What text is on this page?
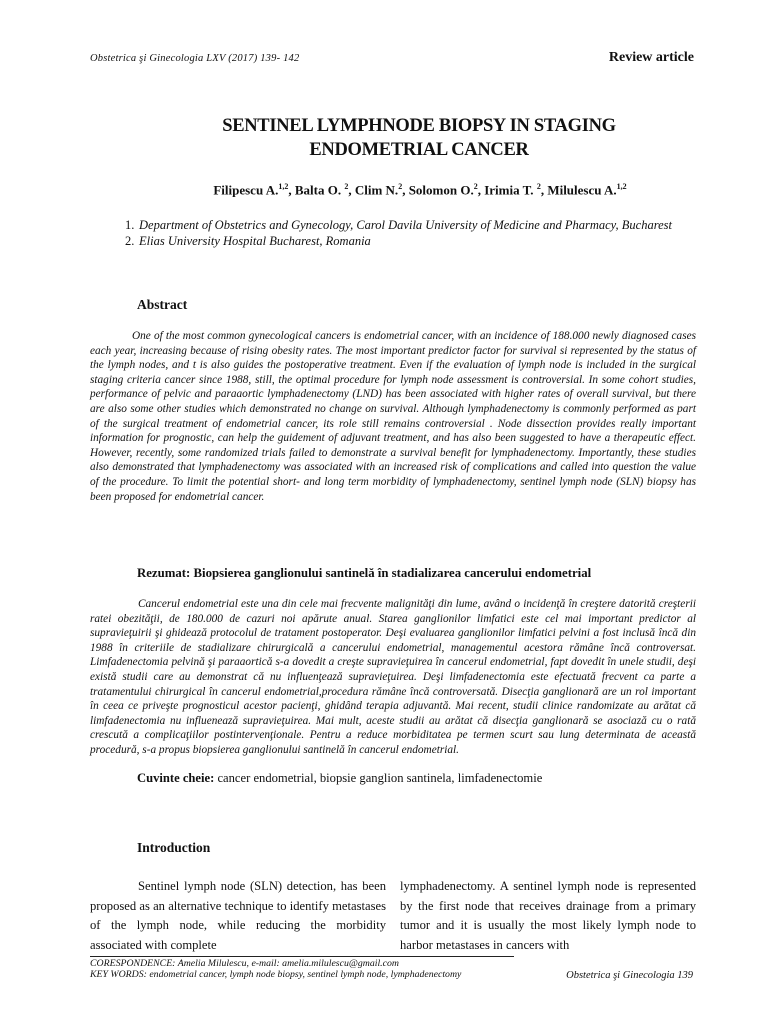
Obstetrica şi Ginecologia LXV (2017) 139- 142	Review article
SENTINEL LYMPHNODE BIOPSY IN STAGING
ENDOMETRIAL CANCER
Filipescu A.$^{1,2}$, Balta O. $^2$, Clim N.$^2$, Solomon O.$^2$, Irimia T. $^2$, Milulescu A.$^{1,2}$
1. Department of Obstetrics and Gynecology, Carol Davila University of Medicine and Pharmacy, Bucharest
2. Elias University Hospital Bucharest, Romania
Abstract

One of the most common gynecological cancers is endometrial cancer, with an incidence of 188.000 newly diagnosed cases each year, increasing because of rising obesity rates. The most important predictor factor for survival si represented by the status of the lymph nodes, and t is also guides the postoperative treatment. Even if the evaluation of lymph node is included in the surgical staging criteria cancer since 1988, still, the optimal procedure for lymph node assessment is controversial. In some cohort studies, performance of pelvic and paraaortic lymphadenectomy (LND) has been associated with higher rates of overall survival, but there are also some other studies which demonstrated no change on survival. Although lymphadenectomy is commonly performed as part of the surgical treatment of endometrial cancer, its role still remains controversial . Node dissection provides really important information for prognostic, can help the guidement of adjuvant treatment, and has also been suggested to have a therapeutic effect. However, recently, some randomized trials failed to demonstrate a survival benefit for lymphadenectomy. Importantly, these studies also demonstrated that lymphadenectomy was associated with an increased risk of complications and called into question the value of the procedure. To limit the potential short- and long term morbidity of lymphadenectomy, sentinel lymph node (SLN) biopsy has been proposed for endometrial cancer.

Rezumat: Biopsierea ganglionului santinelă în stadializarea cancerului endometrial

Cancerul endometrial este una din cele mai frecvente malignităţi din lume, având o incidenţă în creştere datorită creşterii ratei obezităţii, de 180.000 de cazuri noi apărute anual. Starea ganglionilor limfatici este cel mai important predictor al supravieţuirii şi ghidează protocolul de tratament postoperator. Deşi evaluarea ganglionilor limfatici pelvini a fost inclusă încă din 1988 în criteriile de stadializare chirurgicală a cancerului endometrial, managementul acestora rămâne încă controversat. Limfadenectomia pelvină şi paraaortică s-a dovedit a creşte supravieţuirea în cancerul endometrial, fapt dovedit în unele studii, deşi există studii care au demonstrat că nu influenţează supravieţuirea. Deşi limfadenectomia este efectuată frecvent ca parte a tratamentului chirurgical în cancerul endometrial,procedura rămâne încă controversată. Disecţia ganglionară are un rol important în ceea ce priveşte prognosticul acestor pacienţi, ghidând terapia adjuvantă. Mai recent, studii clinice randomizate au arătat că limfadenectomia nu influenează supravieţuirea. Mai mult, aceste studii au arătat că disecţia ganglionară se asociază cu o rată crescută a complicaţiilor postintervenţionale. Pentru a reduce morbiditatea pe termen scurt sau lung determinata de această procedură, s-a propus biopsierea ganglionului santinelă în cancerul endometrial.

Cuvinte cheie: cancer endometrial, biopsie ganglion santinela, limfadenectomie
Introduction

Sentinel lymph node (SLN) detection, has been proposed as an alternative technique to identify metastases of the lymph node, while reducing the morbidity associated with complete

lymphadenectomy. A sentinel lymph node is represented by the first node that receives drainage from a primary tumor and it is usually the most likely lymph node to harbor metastases in cancers with

CORESPONDENCE: Amelia Milulescu, e-mail: amelia.milulescu@gmail.com
KEY WORDS: endometrial cancer, lymph node biopsy, sentinel lymph node, lymphadenectomy	Obstetrica şi Ginecologia 139
